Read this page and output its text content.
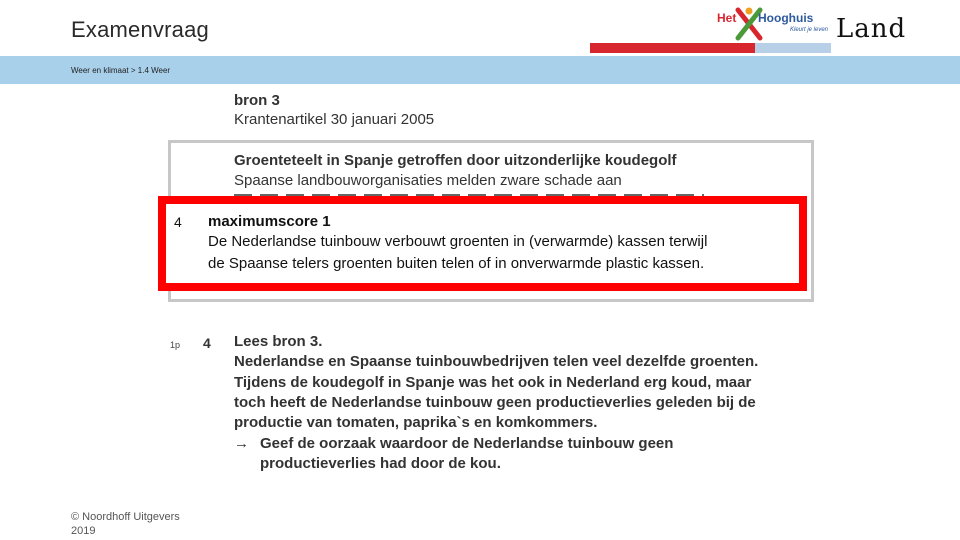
Examenvraag	Het Hooghuis
Kleurt je leven Land
Weer en klimaat > 1.4 Weer
bron 3
Krantenartikel 30 januari 2005
Groenteteelt in Spanje getroffen door uitzonderlijke koudegolf
Spaanse landbouworganisaties melden zware schade aan
4 maximumscore 1
De Nederlandse tuinbouw verbouwt groenten in (verwarmde) kassen terwijl
de Spaanse telers groenten buiten telen of in onverwarmde plastic kassen.
1p 4 Lees bron 3.
Nederlandse en Spaanse tuinbouwbedrijven telen veel dezelfde groenten.
Tijdens de koudegolf in Spanje was het ook in Nederland erg koud, maar
toch heeft de Nederlandse tuinbouw geen productieverlies geleden bij de
productie van tomaten, paprika`s en komkommers.
→ Geef de oorzaak waardoor de Nederlandse tuinbouw geen
productieverlies had door de kou.
© Noordhoff Uitgevers
2019
